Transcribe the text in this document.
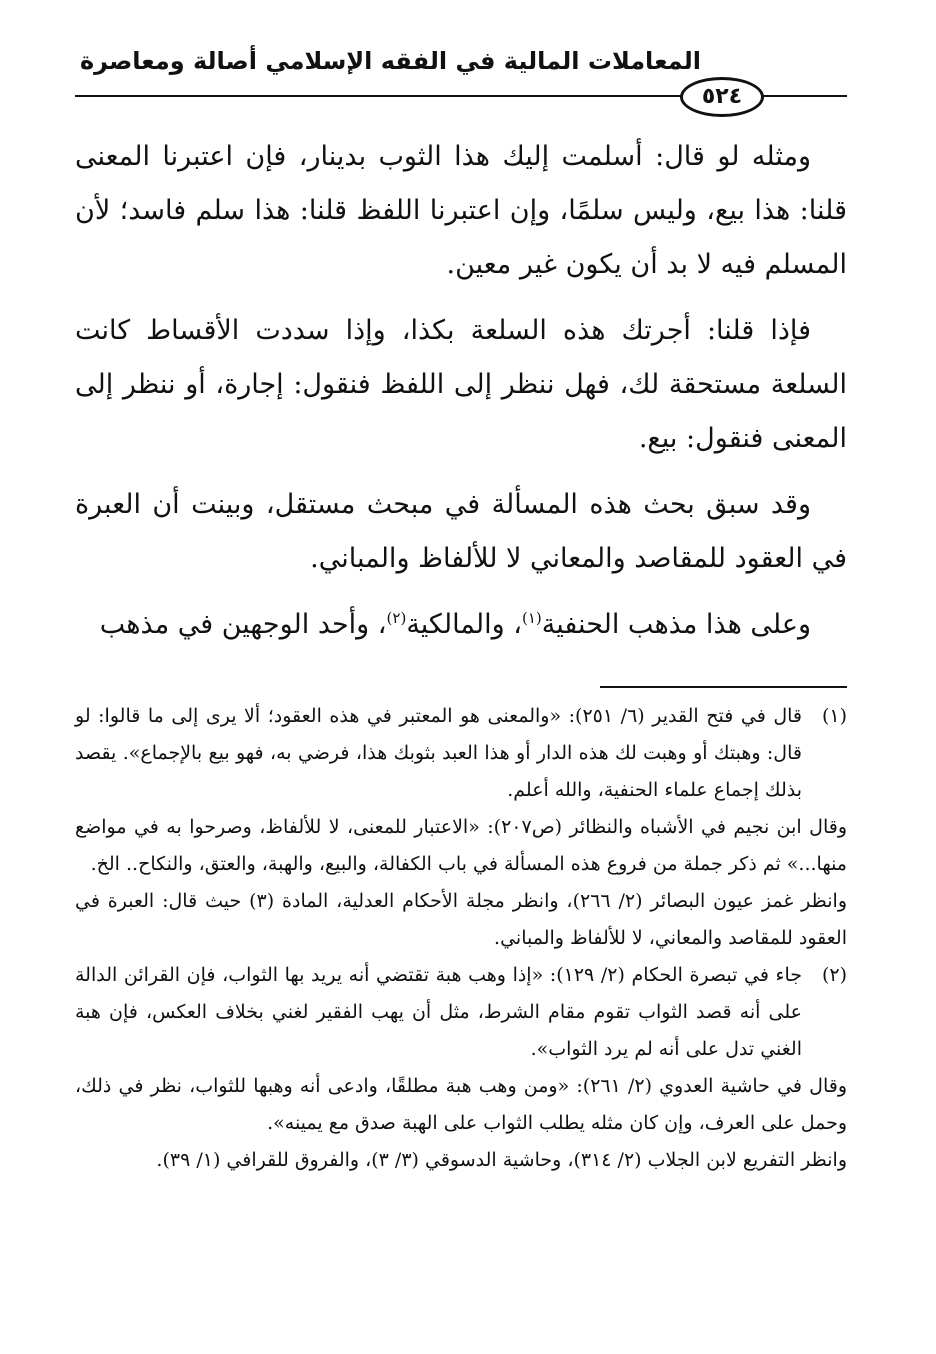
المعاملات المالية في الفقه الإسلامي أصالة ومعاصرة
٥٢٤

ومثله لو قال: أسلمت إليك هذا الثوب بدينار، فإن اعتبرنا المعنى قلنا: هذا بيع، وليس سلمًا، وإن اعتبرنا اللفظ قلنا: هذا سلم فاسد؛ لأن المسلم فيه لا بد أن يكون غير معين.

فإذا قلنا: أجرتك هذه السلعة بكذا، وإذا سددت الأقساط كانت السلعة مستحقة لك، فهل ننظر إلى اللفظ فنقول: إجارة، أو ننظر إلى المعنى فنقول: بيع.

وقد سبق بحث هذه المسألة في مبحث مستقل، وبينت أن العبرة في العقود للمقاصد والمعاني لا للألفاظ والمباني.

وعلى هذا مذهب الحنفية$^{(١)}$، والمالكية$^{(٢)}$، وأحد الوجهين في مذهب

(١)
قال في فتح القدير (٦/ ٢٥١): «والمعنى هو المعتبر في هذه العقود؛ ألا يرى إلى ما قالوا: لو قال: وهبتك أو وهبت لك هذه الدار أو هذا العبد بثوبك هذا، فرضي به، فهو بيع بالإجماع». يقصد بذلك إجماع علماء الحنفية، والله أعلم.

وقال ابن نجيم في الأشباه والنظائر (ص٢٠٧): «الاعتبار للمعنى، لا للألفاظ، وصرحوا به في مواضع منها...» ثم ذكر جملة من فروع هذه المسألة في باب الكفالة، والبيع، والهبة، والعتق، والنكاح.. الخ.

وانظر غمز عيون البصائر (٢/ ٢٦٦)، وانظر مجلة الأحكام العدلية، المادة (٣) حيث قال: العبرة في العقود للمقاصد والمعاني، لا للألفاظ والمباني.

(٢)
جاء في تبصرة الحكام (٢/ ١٢٩): «إذا وهب هبة تقتضي أنه يريد بها الثواب، فإن القرائن الدالة على أنه قصد الثواب تقوم مقام الشرط، مثل أن يهب الفقير لغني بخلاف العكس، فإن هبة الغني تدل على أنه لم يرد الثواب».

وقال في حاشية العدوي (٢/ ٢٦١): «ومن وهب هبة مطلقًا، وادعى أنه وهبها للثواب، نظر في ذلك، وحمل على العرف، وإن كان مثله يطلب الثواب على الهبة صدق مع يمينه».

وانظر التفريع لابن الجلاب (٢/ ٣١٤)، وحاشية الدسوقي (٣/ ٣)، والفروق للقرافي (١/ ٣٩).
